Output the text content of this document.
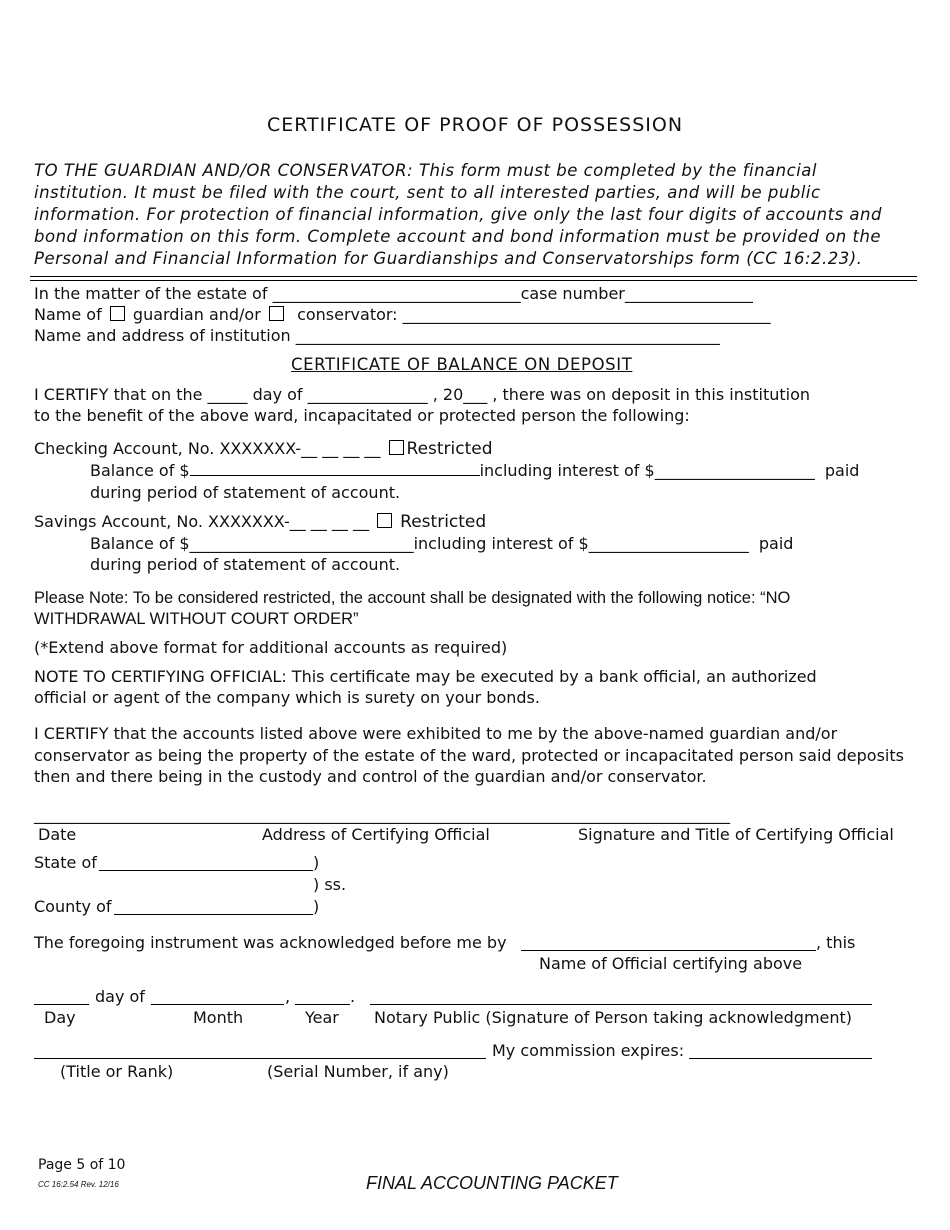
CERTIFICATE OF PROOF OF POSSESSION
TO THE GUARDIAN AND/OR CONSERVATOR: This form must be completed by the financial institution. It must be filed with the court, sent to all interested parties, and will be public information. For protection of financial information, give only the last four digits of accounts and bond information on this form. Complete account and bond information must be provided on the Personal and Financial Information for Guardianships and Conservatorships form (CC 16:2.23).
In the matter of the estate of _______________________________case number________________
Name of guardian and/or conservator: ______________________________________________
Name and address of institution _____________________________________________________
CERTIFICATE OF BALANCE ON DEPOSIT
I CERTIFY that on the _____ day of _______________ , 20___ , there was on deposit in this institution
to the benefit of the above ward, incapacitated or protected person the following:
Checking Account, No. XXXXXXX-__ __ __ __ Restricted
Balance of $	including interest of $____________________ paid
during period of statement of account.
Savings Account, No. XXXXXXX-__ __ __ __ Restricted
Balance of $____________________________including interest of $____________________ paid
during period of statement of account.
Please Note: To be considered restricted, the account shall be designated with the following notice: “NO
WITHDRAWAL WITHOUT COURT ORDER”
(*Extend above format for additional accounts as required)
NOTE TO CERTIFYING OFFICIAL: This certificate may be executed by a bank official, an authorized
official or agent of the company which is surety on your bonds.
I CERTIFY that the accounts listed above were exhibited to me by the above-named guardian and/or
conservator as being the property of the estate of the ward, protected or incapacitated person said deposits
then and there being in the custody and control of the guardian and/or conservator.
_______________________________________________________________________________________
Date	Address of Certifying Official	Signature and Title of Certifying Official
State of	)
) ss.
County of	)
The foregoing instrument was acknowledged before me by	, this
Name of Official certifying above
day of	,	.
Day	Month	Year Notary Public (Signature of Person taking acknowledgment)
My commission expires:
(Title or Rank)	(Serial Number, if any)
Page 5 of 10
CC 16:2.54 Rev. 12/16	FINAL ACCOUNTING PACKET
